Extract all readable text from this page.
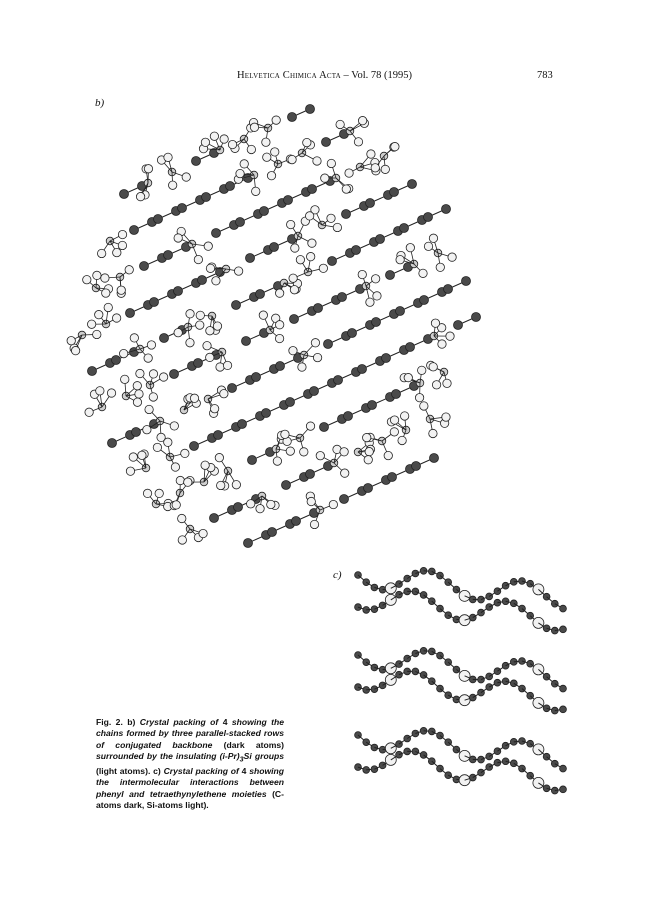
Helvetica Chimica Acta – Vol. 78 (1995)	783
b)
c)
Fig. 2. b) Crystal packing of 4 showing the chains formed by three parallel-stacked rows of conjugated backbone (dark atoms) surrounded by the insulating $(i-Pr)_3Si$ groups (light atoms). c) Crystal packing of 4 showing the intermolecular interactions between phenyl and tetraethynylethene moieties (C-atoms dark, Si-atoms light).
